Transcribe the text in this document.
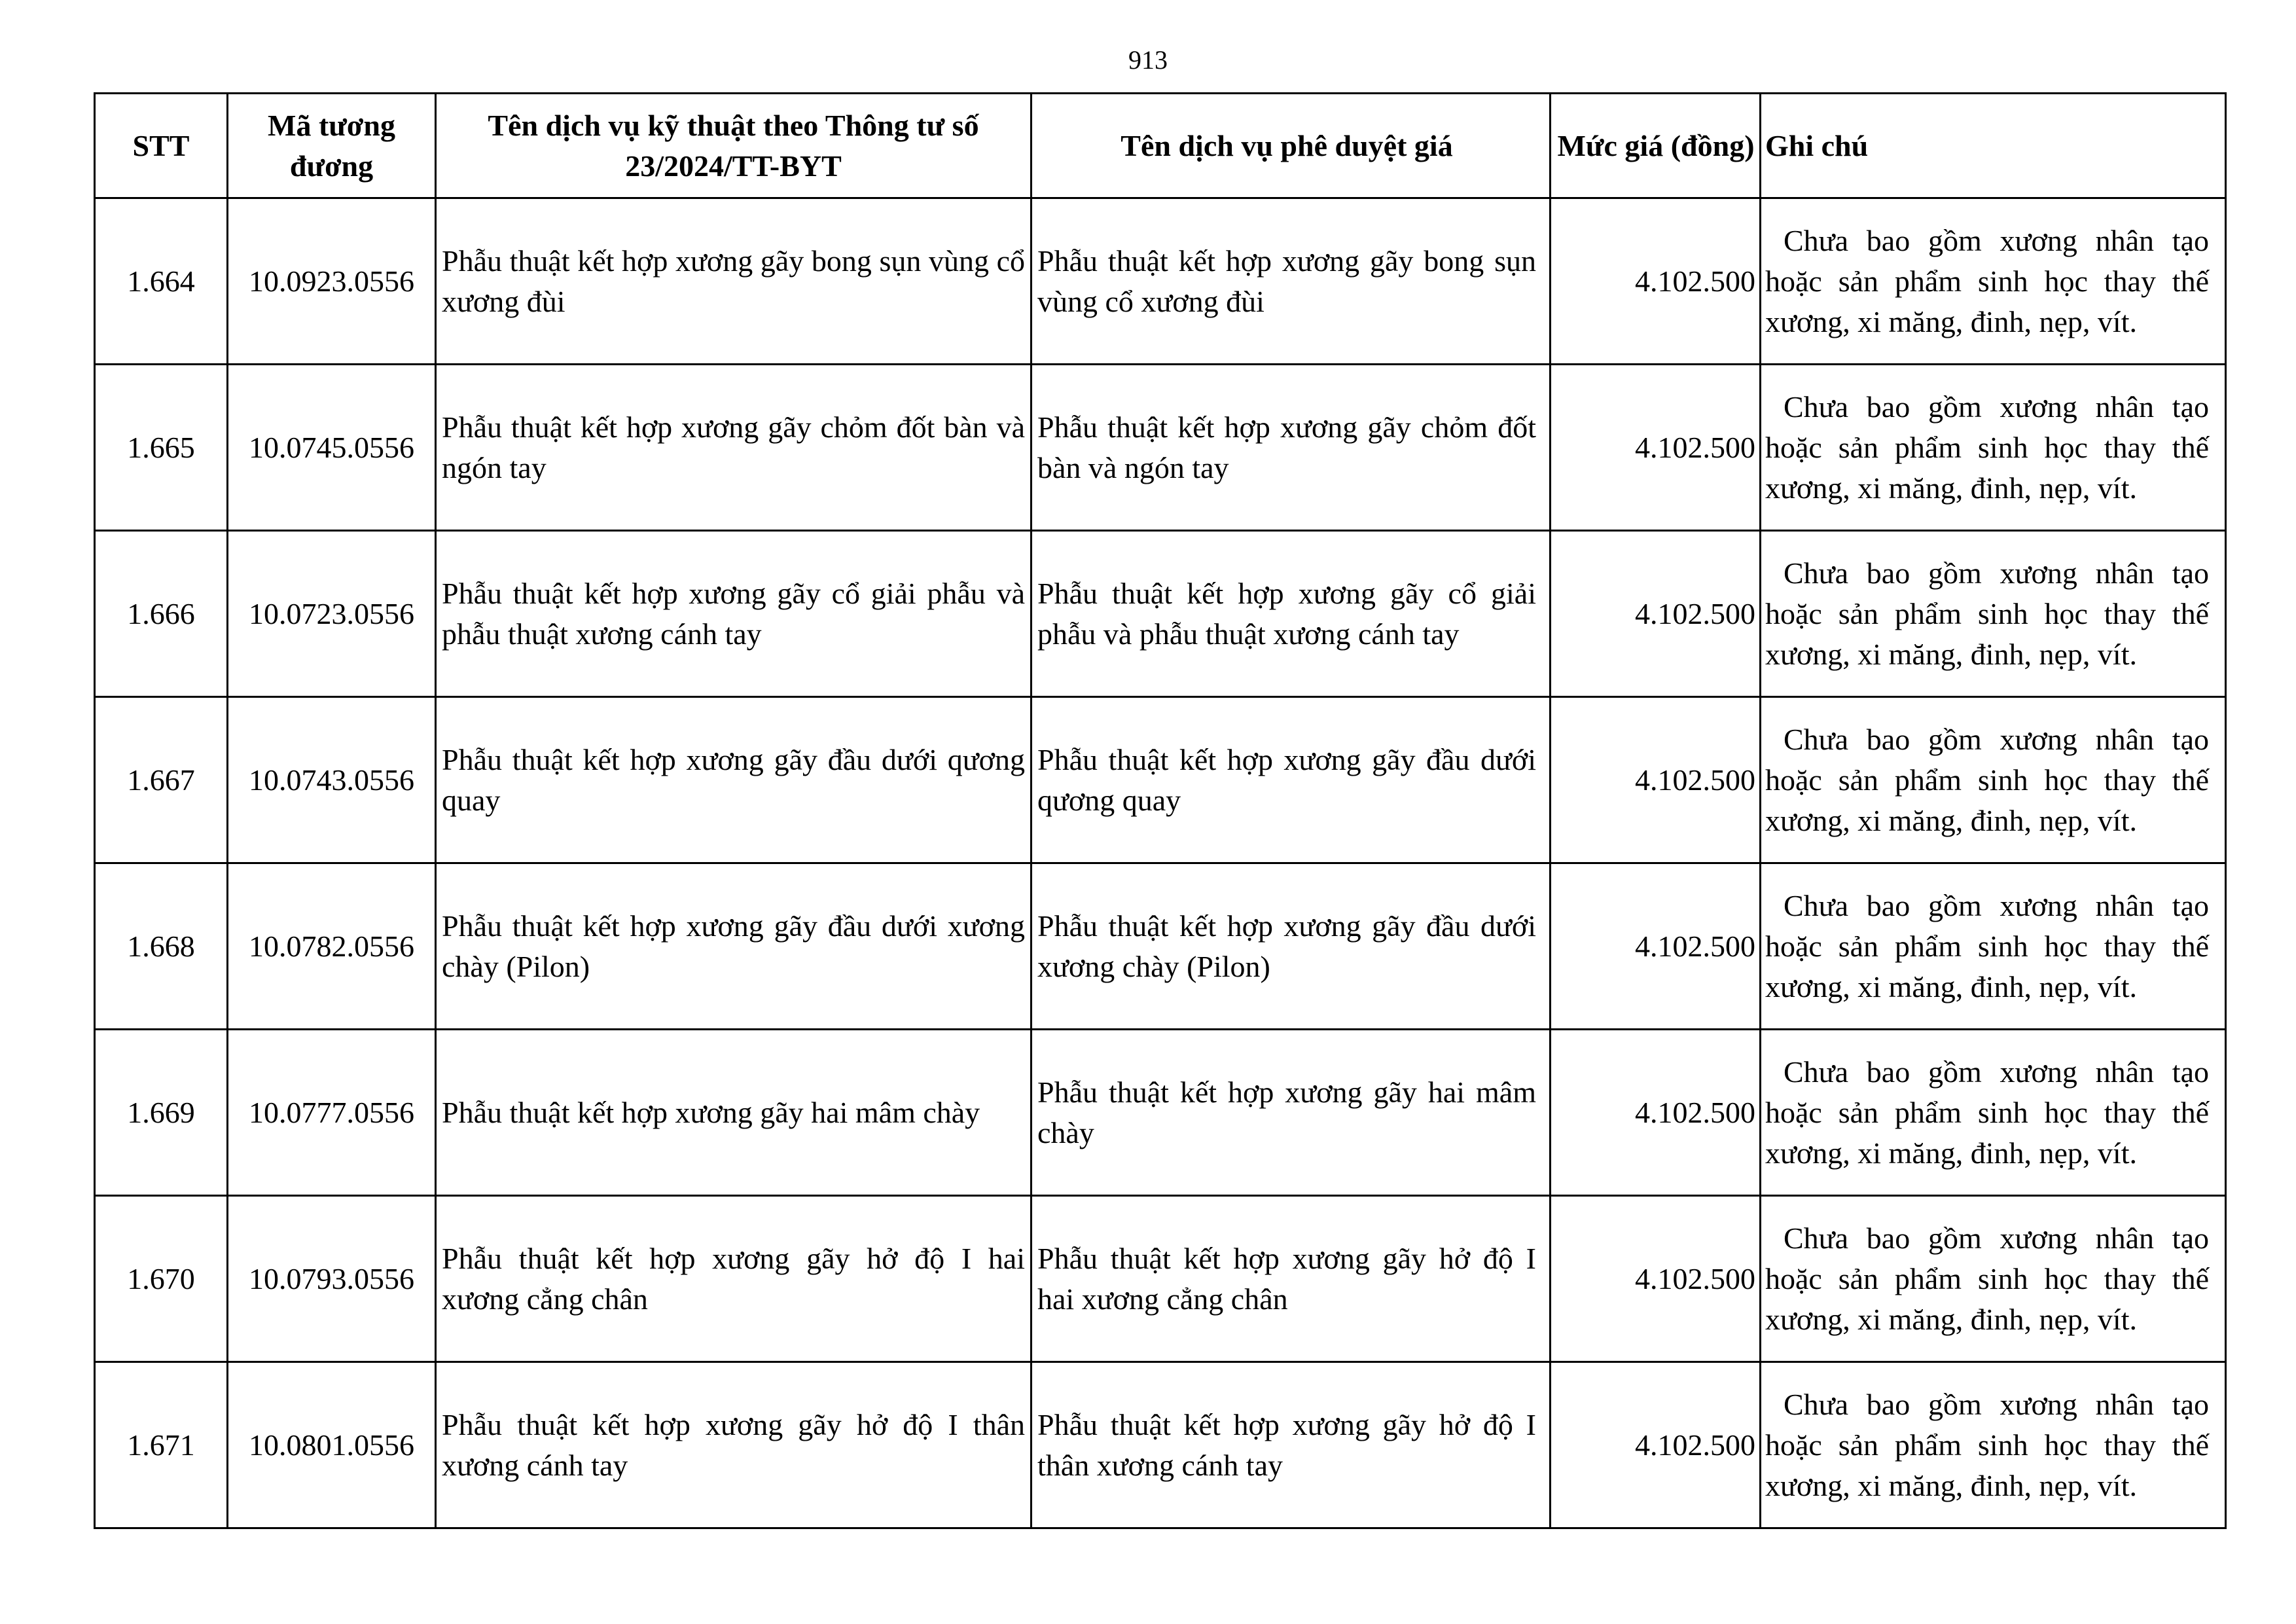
913
STT	Mã tương đương	Tên dịch vụ kỹ thuật theo Thông tư số 23/2024/TT-BYT	Tên dịch vụ phê duyệt giá	Mức giá (đồng)	Ghi chú
1.664	10.0923.0556	Phẫu thuật kết hợp xương gãy bong sụn vùng cổ xương đùi	Phẫu thuật kết hợp xương gãy bong sụn vùng cổ xương đùi	4.102.500	Chưa bao gồm xương nhân tạo hoặc sản phẩm sinh học thay thế xương, xi măng, đinh, nẹp, vít.

1.665	10.0745.0556	Phẫu thuật kết hợp xương gãy chỏm đốt bàn và ngón tay	Phẫu thuật kết hợp xương gãy chỏm đốt bàn và ngón tay	4.102.500	Chưa bao gồm xương nhân tạo hoặc sản phẩm sinh học thay thế xương, xi măng, đinh, nẹp, vít.

1.666	10.0723.0556	Phẫu thuật kết hợp xương gãy cổ giải phẫu và phẫu thuật xương cánh tay	Phẫu thuật kết hợp xương gãy cổ giải phẫu và phẫu thuật xương cánh tay	4.102.500	Chưa bao gồm xương nhân tạo hoặc sản phẩm sinh học thay thế xương, xi măng, đinh, nẹp, vít.

1.667	10.0743.0556	Phẫu thuật kết hợp xương gãy đầu dưới qương quay	Phẫu thuật kết hợp xương gãy đầu dưới qương quay	4.102.500	Chưa bao gồm xương nhân tạo hoặc sản phẩm sinh học thay thế xương, xi măng, đinh, nẹp, vít.

1.668	10.0782.0556	Phẫu thuật kết hợp xương gãy đầu dưới xương chày (Pilon)	Phẫu thuật kết hợp xương gãy đầu dưới xương chày (Pilon)	4.102.500	Chưa bao gồm xương nhân tạo hoặc sản phẩm sinh học thay thế xương, xi măng, đinh, nẹp, vít.

1.669	10.0777.0556	Phẫu thuật kết hợp xương gãy hai mâm chày	Phẫu thuật kết hợp xương gãy hai mâm chày	4.102.500	Chưa bao gồm xương nhân tạo hoặc sản phẩm sinh học thay thế xương, xi măng, đinh, nẹp, vít.

1.670	10.0793.0556	Phẫu thuật kết hợp xương gãy hở độ I hai xương cẳng chân	Phẫu thuật kết hợp xương gãy hở độ I hai xương cẳng chân	4.102.500	Chưa bao gồm xương nhân tạo hoặc sản phẩm sinh học thay thế xương, xi măng, đinh, nẹp, vít.

1.671	10.0801.0556	Phẫu thuật kết hợp xương gãy hở độ I thân xương cánh tay	Phẫu thuật kết hợp xương gãy hở độ I thân xương cánh tay	4.102.500	Chưa bao gồm xương nhân tạo hoặc sản phẩm sinh học thay thế xương, xi măng, đinh, nẹp, vít.
